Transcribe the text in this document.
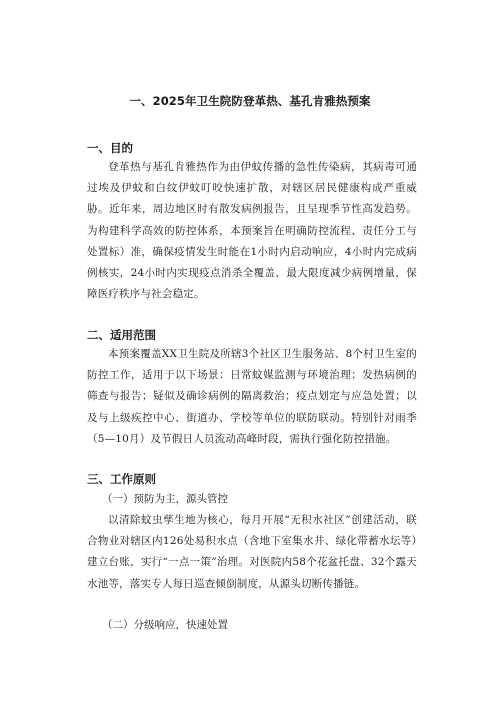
一、2025年卫生院防登革热、基孔肯雅热预案
一、目的
登革热与基孔肯雅热作为由伊蚊传播的急性传染病，其病毒可通过埃及伊蚊和白纹伊蚊叮咬快速扩散，对辖区居民健康构成严重威胁。近年来，周边地区时有散发病例报告，且呈现季节性高发趋势。为构建科学高效的防控体系，本预案旨在明确防控流程、责任分工与处置标）准，确保疫情发生时能在1小时内启动响应，4小时内完成病例核实，24小时内实现疫点消杀全覆盖，最大限度减少病例增量，保障医疗秩序与社会稳定。
二、适用范围
本预案覆盖XX卫生院及所辖3个社区卫生服务站、8个村卫生室的防控工作，适用于以下场景：日常蚊媒监测与环境治理；发热病例的筛查与报告；疑似及确诊病例的隔离救治；疫点划定与应急处置；以及与上级疾控中心、街道办、学校等单位的联防联动。特别针对雨季（5—10月）及节假日人员流动高峰时段，需执行强化防控措施。
三、工作原则
（一）预防为主，源头管控
以清除蚊虫孳生地为核心，每月开展“无积水社区”创建活动，联合物业对辖区内126处易积水点（含地下室集水井、绿化带蓄水坛等）建立台账，实行“一点一策”治理。对医院内58个花盆托盘、32个露天水池等，落实专人每日巡查倾倒制度，从源头切断传播链。
（二）分级响应，快速处置
